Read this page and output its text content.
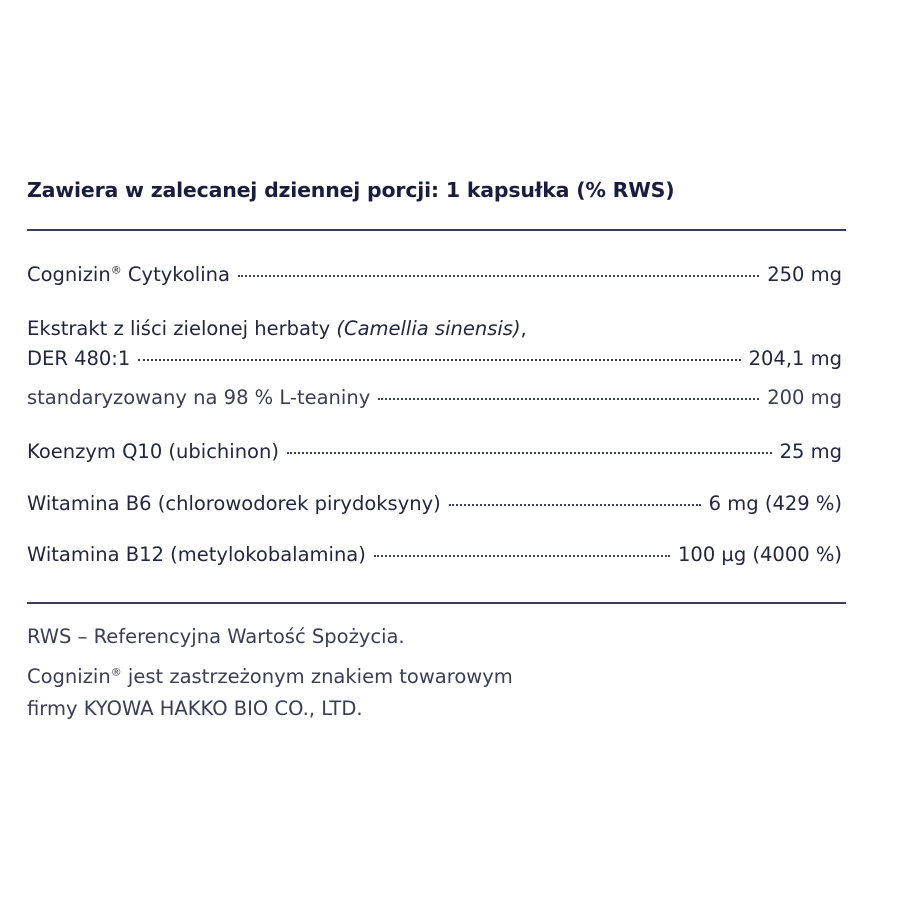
Zawiera w zalecanej dziennej porcji: 1 kapsułka (% RWS)
Cognizin® Cytykolina	250 mg
Ekstrakt z liści zielonej herbaty (Camellia sinensis),
DER 480:1	204,1 mg
standaryzowany na 98 % L-teaniny	200 mg
Koenzym Q10 (ubichinon)	25 mg
Witamina B6 (chlorowodorek pirydoksyny)	6 mg (429 %)
Witamina B12 (metylokobalamina)	100 µg (4000 %)
RWS – Referencyjna Wartość Spożycia.
Cognizin® jest zastrzeżonym znakiem towarowym
firmy KYOWA HAKKO BIO CO., LTD.
